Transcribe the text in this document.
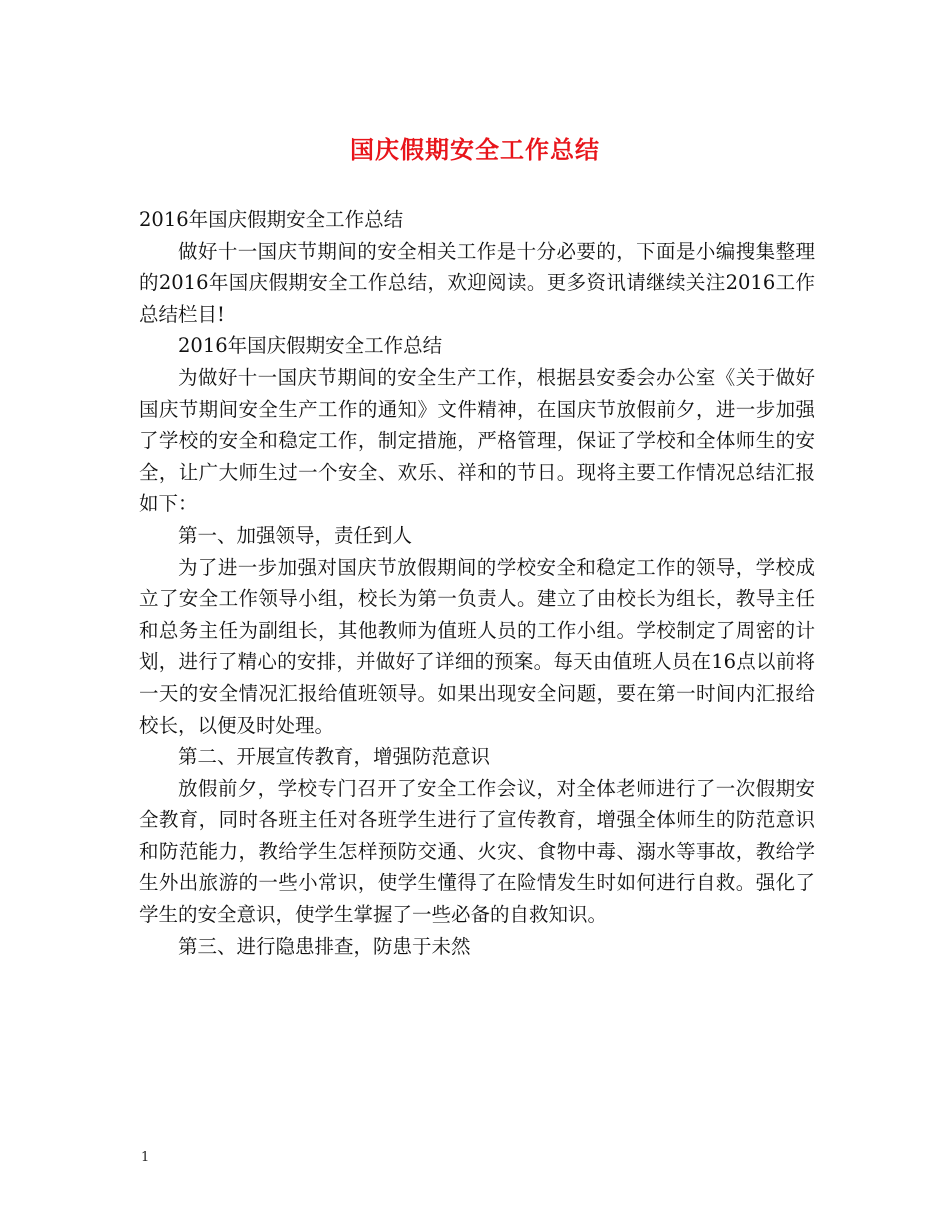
国庆假期安全工作总结

2016年国庆假期安全工作总结

做好十一国庆节期间的安全相关工作是十分必要的，下面是小编搜集整理的2016年国庆假期安全工作总结，欢迎阅读。更多资讯请继续关注2016工作总结栏目!

2016年国庆假期安全工作总结

为做好十一国庆节期间的安全生产工作，根据县安委会办公室《关于做好国庆节期间安全生产工作的通知》文件精神，在国庆节放假前夕，进一步加强了学校的安全和稳定工作，制定措施，严格管理，保证了学校和全体师生的安全，让广大师生过一个安全、欢乐、祥和的节日。现将主要工作情况总结汇报如下：

第一、加强领导，责任到人

为了进一步加强对国庆节放假期间的学校安全和稳定工作的领导，学校成立了安全工作领导小组，校长为第一负责人。建立了由校长为组长，教导主任和总务主任为副组长，其他教师为值班人员的工作小组。学校制定了周密的计划，进行了精心的安排，并做好了详细的预案。每天由值班人员在16点以前将一天的安全情况汇报给值班领导。如果出现安全问题，要在第一时间内汇报给校长，以便及时处理。

第二、开展宣传教育，增强防范意识

放假前夕，学校专门召开了安全工作会议，对全体老师进行了一次假期安全教育，同时各班主任对各班学生进行了宣传教育，增强全体师生的防范意识和防范能力，教给学生怎样预防交通、火灾、食物中毒、溺水等事故，教给学生外出旅游的一些小常识，使学生懂得了在险情发生时如何进行自救。强化了学生的安全意识，使学生掌握了一些必备的自救知识。

第三、进行隐患排查，防患于未然

1
